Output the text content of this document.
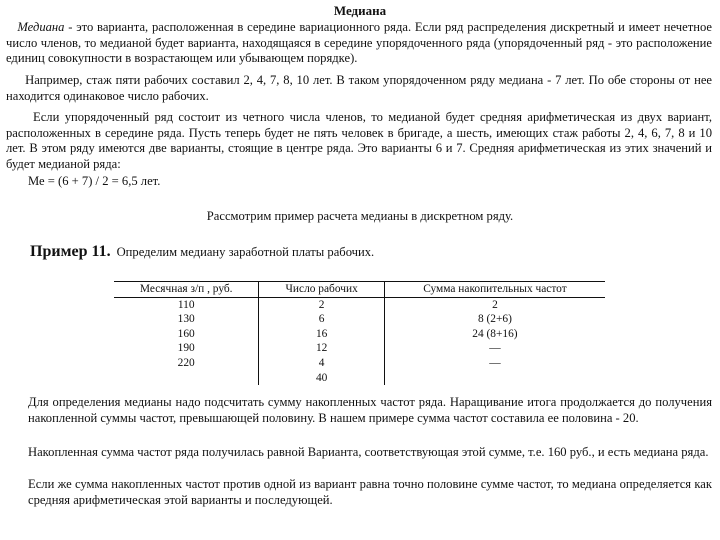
Медиана

Медиана - это варианта, расположенная в середине вариационного ряда. Если ряд распределения дискретный и имеет нечетное число членов, то медианой будет варианта, находящаяся в середине упорядоченного ряда (упорядоченный ряд - это расположение единиц совокупности в возрастающем или убывающем порядке).

Например, стаж пяти рабочих составил 2, 4, 7, 8, 10 лет. В таком упорядоченном ряду медиана - 7 лет. По обе стороны от нее находится одинаковое число рабочих.

Если упорядоченный ряд состоит из четного числа членов, то медианой будет средняя арифметическая из двух вариант, расположенных в середине ряда. Пусть теперь будет не пять человек в бригаде, а шесть, имеющих стаж работы 2, 4, 6, 7, 8 и 10 лет. В этом ряду имеются две варианты, стоящие в центре ряда. Это варианты 6 и 7. Средняя арифметическая из этих значений и будет медианой ряда:

Ме = (6 + 7) / 2 = 6,5 лет.
Рассмотрим пример расчета медианы в дискретном ряду.
Пример 11. Определим медиану заработной платы рабочих.
Месячная з/п , руб.	Число рабочих	Сумма накопительных частот
110	2	2
130	6	8 (2+6)
160	16	24 (8+16)
190	12	—
220	4	—
	40	

Для определения медианы надо подсчитать сумму накопленных частот ряда. Наращивание итога продолжается до получения накопленной суммы частот, превышающей половину. В нашем примере сумма частот составила ее половина - 20.

Накопленная сумма частот ряда получилась равной Варианта, соответствующая этой сумме, т.е. 160 руб., и есть медиана ряда.

Если же сумма накопленных частот против одной из вариант равна точно половине сумме частот, то медиана определяется как средняя арифметическая этой варианты и последующей.
